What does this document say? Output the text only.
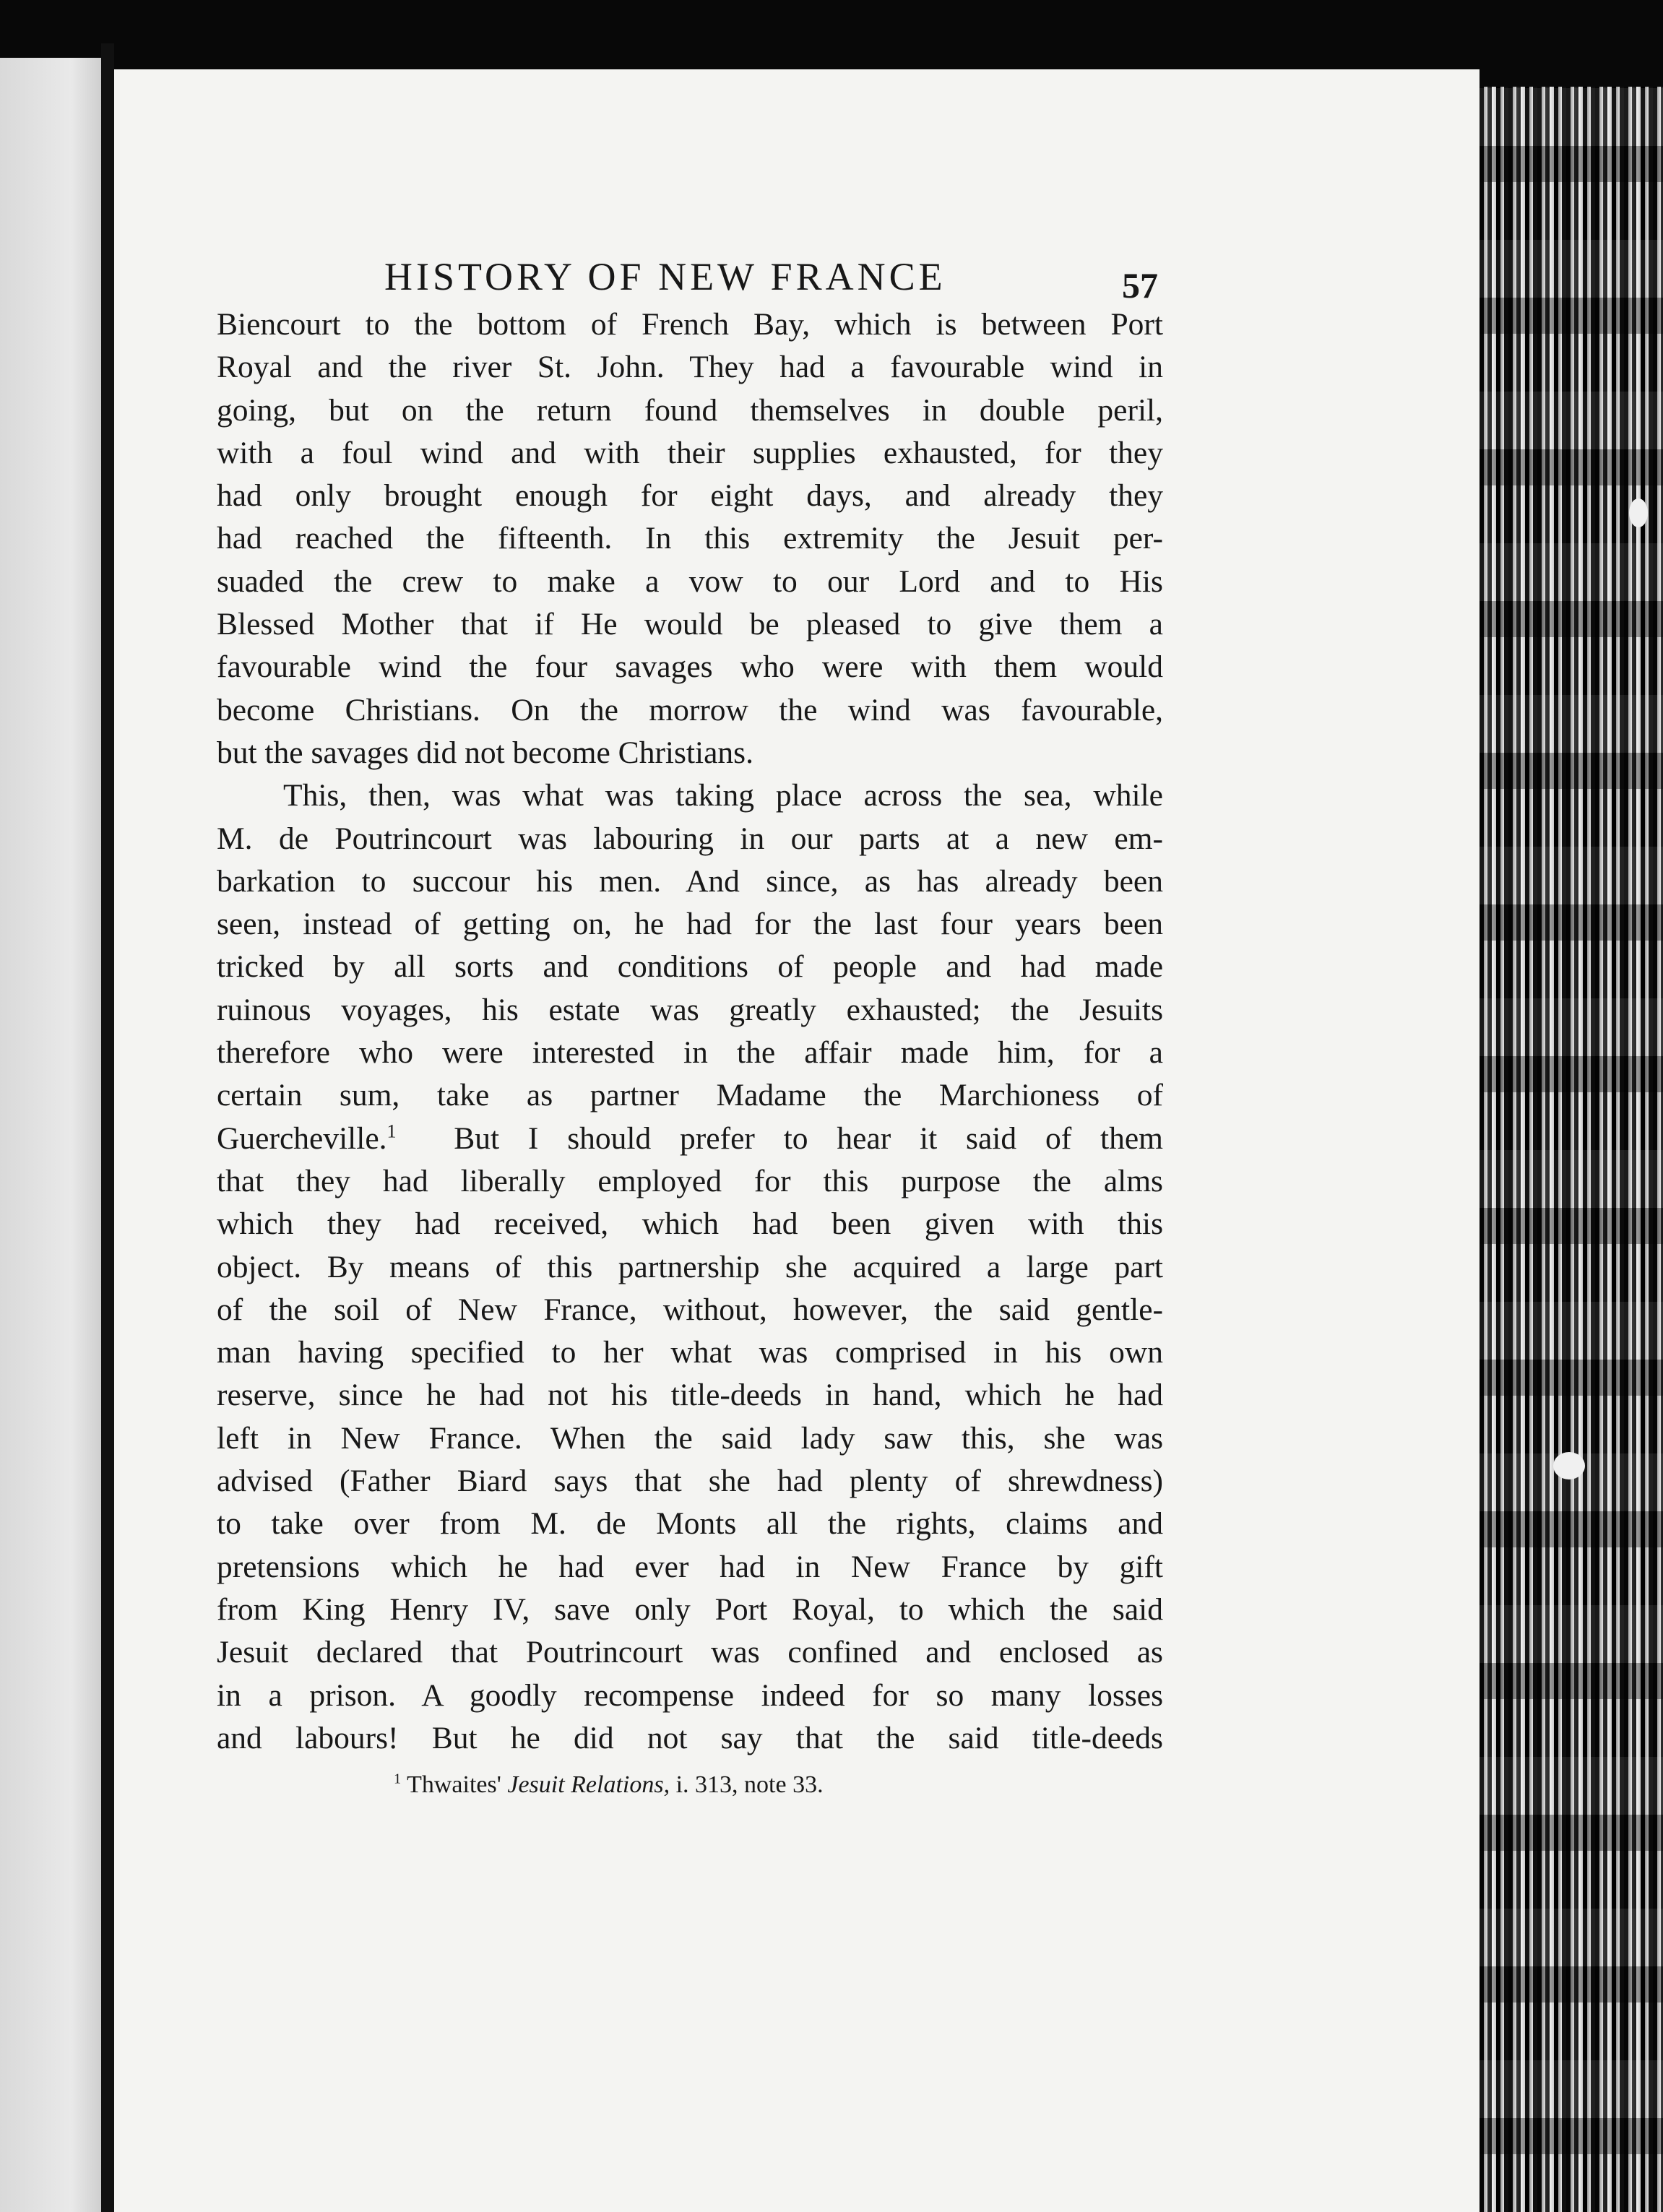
HISTORY OF NEW FRANCE	57
Biencourt to the bottom of French Bay, which is between Port
Royal and the river St. John. They had a favourable wind in
going, but on the return found themselves in double peril,
with a foul wind and with their supplies exhausted, for they
had only brought enough for eight days, and already they
had reached the fifteenth. In this extremity the Jesuit per-
suaded the crew to make a vow to our Lord and to His
Blessed Mother that if He would be pleased to give them a
favourable wind the four savages who were with them would
become Christians. On the morrow the wind was favourable,
but the savages did not become Christians.
This, then, was what was taking place across the sea, while
M. de Poutrincourt was labouring in our parts at a new em-
barkation to succour his men. And since, as has already been
seen, instead of getting on, he had for the last four years been
tricked by all sorts and conditions of people and had made
ruinous voyages, his estate was greatly exhausted; the Jesuits
therefore who were interested in the affair made him, for a
certain sum, take as partner Madame the Marchioness of
Guercheville.$^1$  But I should prefer to hear it said of them
that they had liberally employed for this purpose the alms
which they had received, which had been given with this
object. By means of this partnership she acquired a large part
of the soil of New France, without, however, the said gentle-
man having specified to her what was comprised in his own
reserve, since he had not his title-deeds in hand, which he had
left in New France. When the said lady saw this, she was
advised (Father Biard says that she had plenty of shrewdness)
to take over from M. de Monts all the rights, claims and
pretensions which he had ever had in New France by gift
from King Henry IV, save only Port Royal, to which the said
Jesuit declared that Poutrincourt was confined and enclosed as
in a prison. A goodly recompense indeed for so many losses
and labours! But he did not say that the said title-deeds
$^1$ Thwaites' Jesuit Relations, i. 313, note 33.
